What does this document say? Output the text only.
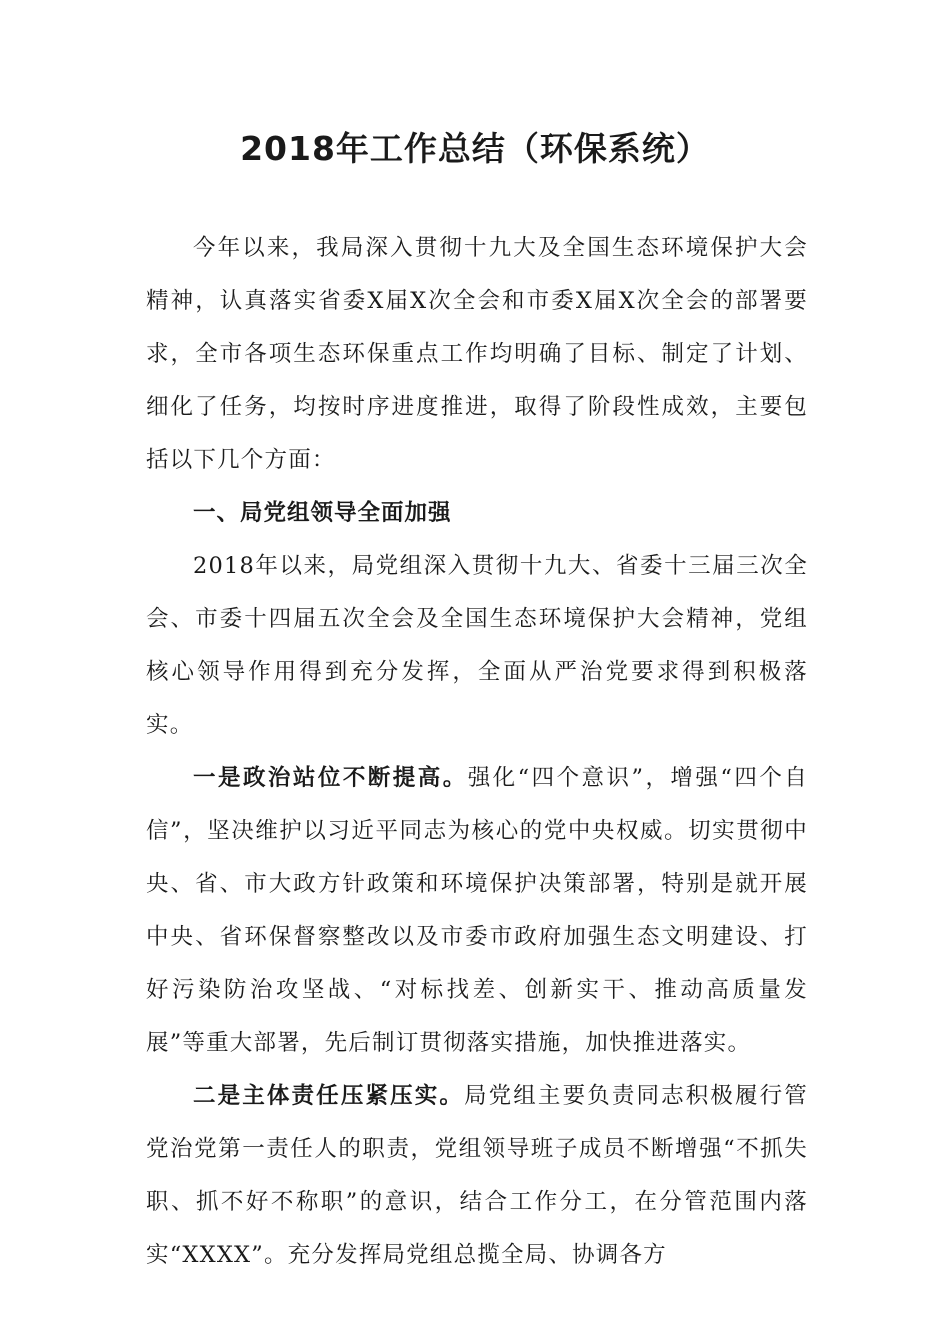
2018年工作总结（环保系统）

今年以来，我局深入贯彻十九大及全国生态环境保护大会精神，认真落实省委X届X次全会和市委X届X次全会的部署要求，全市各项生态环保重点工作均明确了目标、制定了计划、细化了任务，均按时序进度推进，取得了阶段性成效，主要包括以下几个方面：

一、局党组领导全面加强

2018年以来，局党组深入贯彻十九大、省委十三届三次全会、市委十四届五次全会及全国生态环境保护大会精神，党组核心领导作用得到充分发挥，全面从严治党要求得到积极落实。

一是政治站位不断提高。强化“四个意识”，增强“四个自信”，坚决维护以习近平同志为核心的党中央权威。切实贯彻中央、省、市大政方针政策和环境保护决策部署，特别是就开展中央、省环保督察整改以及市委市政府加强生态文明建设、打好污染防治攻坚战、“对标找差、创新实干、推动高质量发展”等重大部署，先后制订贯彻落实措施，加快推进落实。

二是主体责任压紧压实。局党组主要负责同志积极履行管党治党第一责任人的职责，党组领导班子成员不断增强“不抓失职、抓不好不称职”的意识，结合工作分工，在分管范围内落实“XXXX”。充分发挥局党组总揽全局、协调各方
